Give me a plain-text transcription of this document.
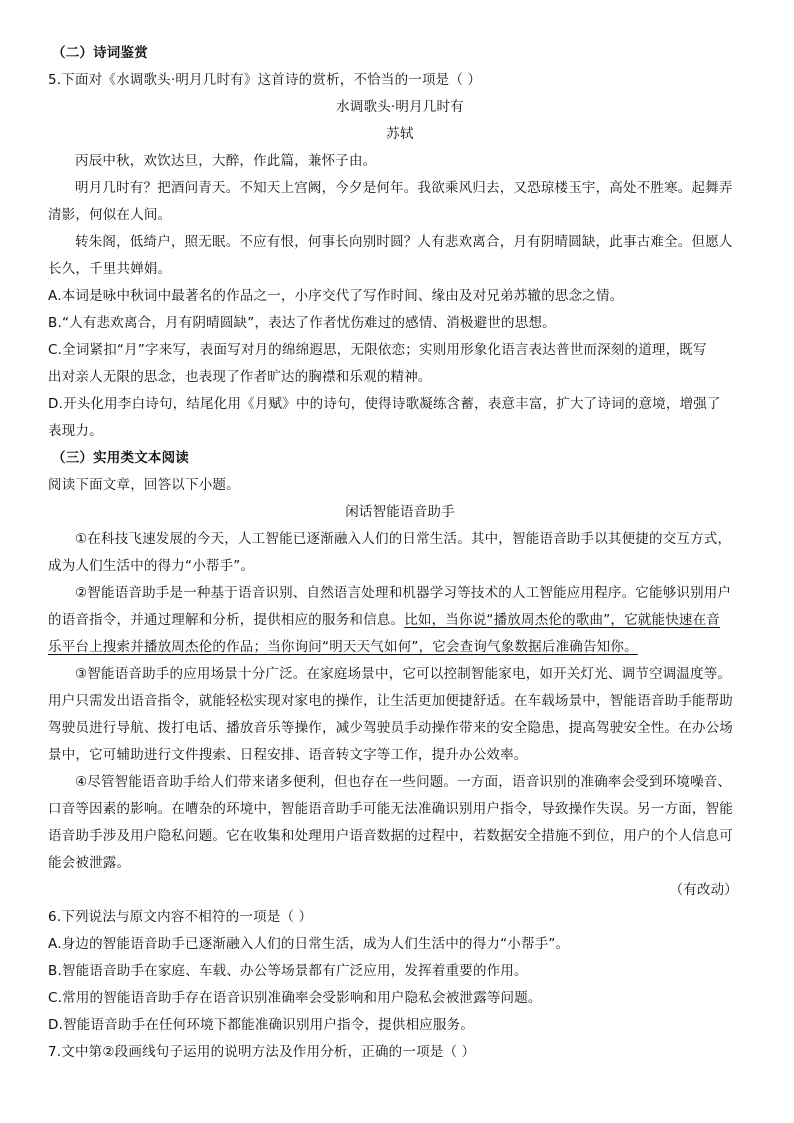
（二）诗词鉴赏
5.下面对《水调歌头·明月几时有》这首诗的赏析，不恰当的一项是（ ）
水调歌头·明月几时有
苏轼
丙辰中秋，欢饮达旦，大醉，作此篇，兼怀子由。
明月几时有？把酒问青天。不知天上宫阙，今夕是何年。我欲乘风归去，又恐琼楼玉宇，高处不胜寒。起舞弄
清影，何似在人间。
转朱阁，低绮户，照无眠。不应有恨，何事长向别时圆？人有悲欢离合，月有阴晴圆缺，此事古难全。但愿人
长久，千里共婵娟。
A.本词是咏中秋词中最著名的作品之一，小序交代了写作时间、缘由及对兄弟苏辙的思念之情。
B.“人有悲欢离合，月有阴晴圆缺”，表达了作者忧伤难过的感情、消极避世的思想。
C.全词紧扣“月”字来写，表面写对月的绵绵遐思，无限依恋；实则用形象化语言表达普世而深刻的道理，既写
出对亲人无限的思念，也表现了作者旷达的胸襟和乐观的精神。
D.开头化用李白诗句，结尾化用《月赋》中的诗句，使得诗歌凝练含蓄，表意丰富，扩大了诗词的意境，增强了
表现力。
（三）实用类文本阅读
阅读下面文章，回答以下小题。
闲话智能语音助手
①在科技飞速发展的今天，人工智能已逐渐融入人们的日常生活。其中，智能语音助手以其便捷的交互方式，
成为人们生活中的得力“小帮手”。
②智能语音助手是一种基于语音识别、自然语言处理和机器学习等技术的人工智能应用程序。它能够识别用户
的语音指令，并通过理解和分析，提供相应的服务和信息。比如，当你说“播放周杰伦的歌曲”，它就能快速在音
乐平台上搜索并播放周杰伦的作品；当你询问“明天天气如何”，它会查询气象数据后准确告知你。
③智能语音助手的应用场景十分广泛。在家庭场景中，它可以控制智能家电，如开关灯光、调节空调温度等。
用户只需发出语音指令，就能轻松实现对家电的操作，让生活更加便捷舒适。在车载场景中，智能语音助手能帮助
驾驶员进行导航、拨打电话、播放音乐等操作，减少驾驶员手动操作带来的安全隐患，提高驾驶安全性。在办公场
景中，它可辅助进行文件搜索、日程安排、语音转文字等工作，提升办公效率。
④尽管智能语音助手给人们带来诸多便利，但也存在一些问题。一方面，语音识别的准确率会受到环境噪音、
口音等因素的影响。在嘈杂的环境中，智能语音助手可能无法准确识别用户指令，导致操作失误。另一方面，智能
语音助手涉及用户隐私问题。它在收集和处理用户语音数据的过程中，若数据安全措施不到位，用户的个人信息可
能会被泄露。
（有改动）
6.下列说法与原文内容不相符的一项是（ ）
A.身边的智能语音助手已逐渐融入人们的日常生活，成为人们生活中的得力“小帮手”。
B.智能语音助手在家庭、车载、办公等场景都有广泛应用，发挥着重要的作用。
C.常用的智能语音助手存在语音识别准确率会受影响和用户隐私会被泄露等问题。
D.智能语音助手在任何环境下都能准确识别用户指令，提供相应服务。
7.文中第②段画线句子运用的说明方法及作用分析，正确的一项是（ ）
